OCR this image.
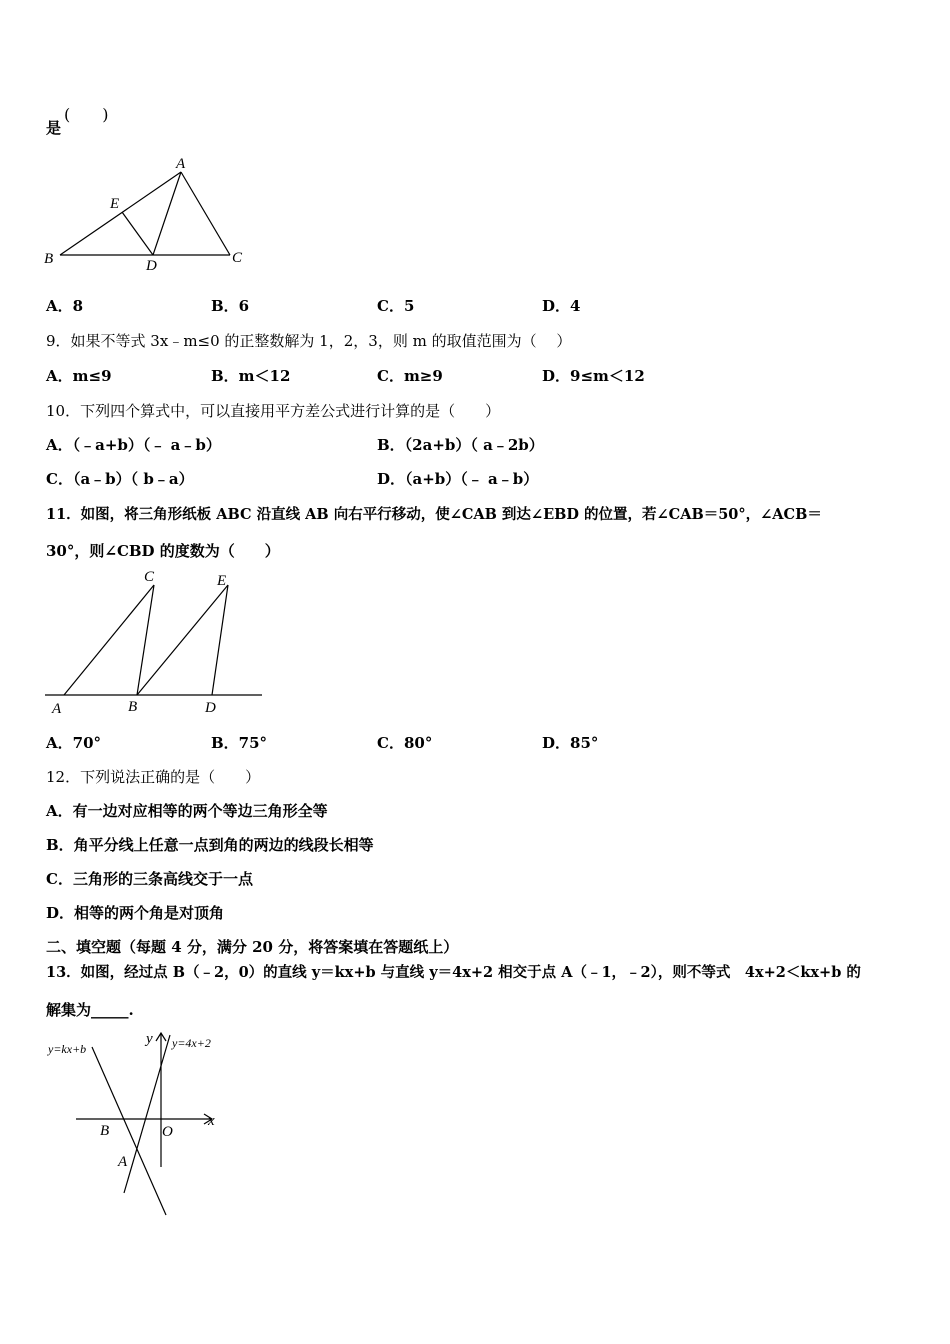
是
(　　)
A
B	C
D
E
A．8	B．6	C．5	D．4
9．如果不等式 3x﹣m≤0 的正整数解为 1，2，3，则 m 的取值范围为（　 ）
A．m≤9	B．m＜12	C．m≥9	D．9≤m＜12
10．下列四个算式中，可以直接用平方差公式进行计算的是（　　）
A．（﹣a+b）（﹣ a﹣b）	B．（2a+b）（ a﹣2b）
C．（a﹣b）（ b﹣a）	D．（a+b）（﹣ a﹣b）
11．如图，将三角形纸板 ABC 沿直线 AB 向右平行移动，使∠CAB 到达∠EBD 的位置，若∠CAB＝50°，∠ACB＝
30°，则∠CBD 的度数为（　　）
C	E
A	B	D
A．70°	B．75°	C．80°	D．85°
12．下列说法正确的是（　　）
A．有一边对应相等的两个等边三角形全等
B．角平分线上任意一点到角的两边的线段长相等
C．三角形的三条高线交于一点
D．相等的两个角是对顶角
二、填空题（每题 4 分，满分 20 分，将答案填在答题纸上）
13．如图，经过点 B（﹣2，0）的直线 y＝kx+b 与直线 y＝4x+2 相交于点 A（﹣1，﹣2），则不等式　4x+2＜kx+b 的
解集为_____.
y=kx+b	y=4x+2
y
x
B	O
A
